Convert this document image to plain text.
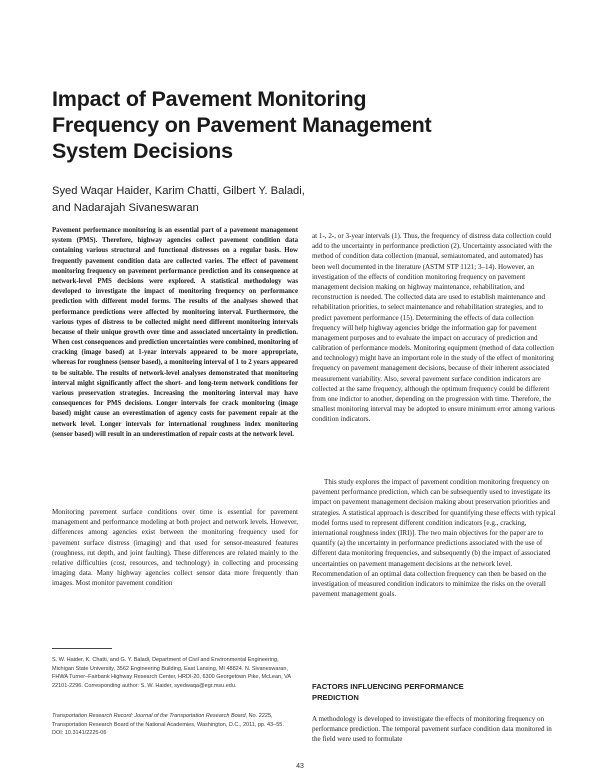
Impact of Pavement Monitoring Frequency on Pavement Management System Decisions
Syed Waqar Haider, Karim Chatti, Gilbert Y. Baladi,
and Nadarajah Sivaneswaran

Pavement performance monitoring is an essential part of a pavement management system (PMS). Therefore, highway agencies collect pavement condition data containing various structural and functional distresses on a regular basis. How frequently pavement condition data are collected varies. The effect of pavement monitoring frequency on pavement performance prediction and its consequence at network-level PMS decisions were explored. A statistical methodology was developed to investigate the impact of monitoring frequency on performance prediction with different model forms. The results of the analyses showed that performance predictions were affected by monitoring interval. Furthermore, the various types of distress to be collected might need different monitoring intervals because of their unique growth over time and associated uncertainty in prediction. When cost consequences and prediction uncertainties were combined, monitoring of cracking (image based) at 1-year intervals appeared to be more appropriate, whereas for roughness (sensor based), a monitoring interval of 1 to 2 years appeared to be suitable. The results of network-level analyses demonstrated that monitoring interval might significantly affect the short- and long-term network conditions for various preservation strategies. Increasing the monitoring interval may have consequences for PMS decisions. Longer intervals for crack monitoring (image based) might cause an overestimation of agency costs for pavement repair at the network level. Longer intervals for international roughness index monitoring (sensor based) will result in an underestimation of repair costs at the network level.

Monitoring pavement surface conditions over time is essential for pavement management and performance modeling at both project and network levels. However, differences among agencies exist between the monitoring frequency used for pavement surface distress (imaging) and that used for sensor-measured features (roughness, rut depth, and joint faulting). These differences are related mainly to the relative difficulties (cost, resources, and technology) in collecting and processing imaging data. Many highway agencies collect sensor data more frequently than images. Most monitor pavement condition

S. W. Haider, K. Chatti, and G. Y. Baladi, Department of Civil and Environmental Engineering, Michigan State University, 3562 Engineering Building, East Lansing, MI 48824. N. Sivaneswaran, FHWA Turner–Fairbank Highway Research Center, HRDI-20, 6300 Georgetown Pike, McLean, VA 22101-2296. Corresponding author: S. W. Haider, syedwaqa@egr.msu.edu.

Transportation Research Record: Journal of the Transportation Research Board, No. 2225, Transportation Research Board of the National Academies, Washington, D.C., 2011, pp. 43–55.
DOI: 10.3141/2225-06

at 1-, 2-, or 3-year intervals (1). Thus, the frequency of distress data collection could add to the uncertainty in performance prediction (2). Uncertainty associated with the method of condition data collection (manual, semiautomated, and automated) has been well documented in the literature (ASTM STP 1121; 3–14). However, an investigation of the effects of condition monitoring frequency on pavement management decision making on highway maintenance, rehabilitation, and reconstruction is needed. The collected data are used to establish maintenance and rehabilitation priorities, to select maintenance and rehabilitation strategies, and to predict pavement performance (15). Determining the effects of data collection frequency will help highway agencies bridge the information gap for pavement management purposes and to evaluate the impact on accuracy of prediction and calibration of performance models. Monitoring equipment (method of data collection and technology) might have an important role in the study of the effect of monitoring frequency on pavement management decisions, because of their inherent associated measurement variability. Also, several pavement surface condition indicators are collected at the same frequency, although the optimum frequency could be different from one indictor to another, depending on the progression with time. Therefore, the smallest monitoring interval may be adopted to ensure minimum error among various condition indicators.

This study explores the impact of pavement condition monitoring frequency on pavement performance prediction, which can be subsequently used to investigate its impact on pavement management decision making about preservation priorities and strategies. A statistical approach is described for quantifying these effects with typical model forms used to represent different condition indicators [e.g., cracking, international roughness index (IRI)]. The two main objectives for the paper are to quantify (a) the uncertainty in performance predictions associated with the use of different data monitoring frequencies, and subsequently (b) the impact of associated uncertainties on pavement management decisions at the network level. Recommendation of an optimal data collection frequency can then be based on the investigation of measured condition indicators to minimize the risks on the overall pavement management goals.

FACTORS INFLUENCING PERFORMANCE PREDICTION

A methodology is developed to investigate the effects of monitoring frequency on performance prediction. The temporal pavement surface condition data monitored in the field were used to formulate

43
